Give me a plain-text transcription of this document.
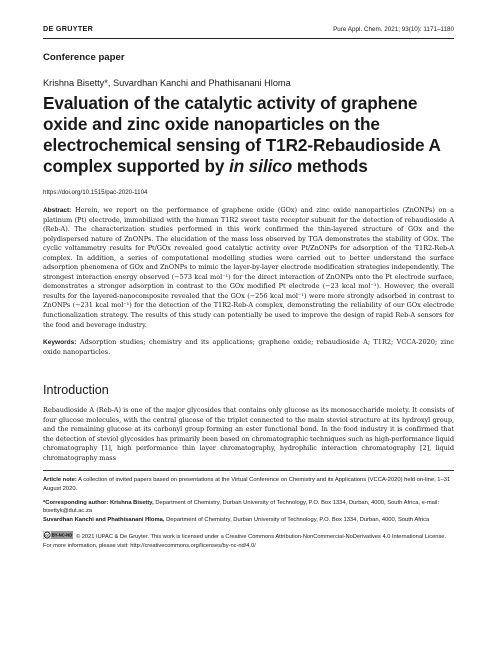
DE GRUYTER	Pure Appl. Chem. 2021; 93(10): 1171–1180
Conference paper
Krishna Bisetty*, Suvardhan Kanchi and Phathisanani Hloma
Evaluation of the catalytic activity of graphene oxide and zinc oxide nanoparticles on the electrochemical sensing of T1R2-Rebaudioside A complex supported by in silico methods
https://doi.org/10.1515/pac-2020-1104
Abstract: Herein, we report on the performance of graphene oxide (GOx) and zinc oxide nanoparticles (ZnONPs) on a platinum (Pt) electrode, immobilized with the human T1R2 sweet taste receptor subunit for the detection of rebaudioside A (Reb-A). The characterization studies performed in this work confirmed the thin-layered structure of GOx and the polydispersed nature of ZnONPs. The elucidation of the mass loss observed by TGA demonstrates the stability of GOx. The cyclic voltammetry results for Pt/GOx revealed good catalytic activity over Pt/ZnONPs for adsorption of the T1R2-Reb-A complex. In addition, a series of computational modelling studies were carried out to better understand the surface adsorption phenomena of GOx and ZnONPs to mimic the layer-by-layer electrode modification strategies independently. The strongest interaction energy observed (−573 kcal mol⁻¹) for the direct interaction of ZnONPs onto the Pt electrode surface, demonstrates a stronger adsorption in contrast to the GOx modified Pt electrode (−23 kcal mol⁻¹). However, the overall results for the layered-nanocomposite revealed that the GOx (−256 kcal mol⁻¹) were more strongly adsorbed in contrast to ZnONPs (−231 kcal mol⁻¹) for the detection of the T1R2-Reb-A complex, demonstrating the reliability of our GOx electrode functionalization strategy. The results of this study can potentially be used to improve the design of rapid Reb-A sensors for the food and beverage industry.
Keywords: Adsorption studies; chemistry and its applications; graphene oxide; rebaudioside A; T1R2; VCCA-2020; zinc oxide nanoparticles.
Introduction
Rebaudioside A (Reb-A) is one of the major glycosides that contains only glucose as its monosaccharide moiety. It consists of four glucose molecules, with the central glucose of the triplet connected to the main steviol structure at its hydroxyl group, and the remaining glucose at its carbonyl group forming an ester functional bond. In the food industry it is confirmed that the detection of steviol glycosides has primarily been based on chromatographic techniques such as high-performance liquid chromatography [1], high performance thin layer chromatography, hydrophilic interaction chromatography [2], liquid chromatography mass
Article note: A collection of invited papers based on presentations at the Virtual Conference on Chemistry and its Applications (VCCA-2020) held on-line, 1–31 August 2020.
*Corresponding author: Krishna Bisetty, Department of Chemistry, Durban University of Technology, P.O. Box 1334, Durban, 4000, South Africa, e-mail: bisettyk@dut.ac.za
Suvardhan Kanchi and Phathisanani Hloma, Department of Chemistry, Durban University of Technology, P.O. Box 1334, Durban, 4000, South Africa
cc BY-NC-ND © 2021 IUPAC & De Gruyter. This work is licensed under a Creative Commons Attribution-NonCommercial-NoDerivatives 4.0 International License. For more information, please visit: http://creativecommons.org/licenses/by-nc-nd/4.0/
